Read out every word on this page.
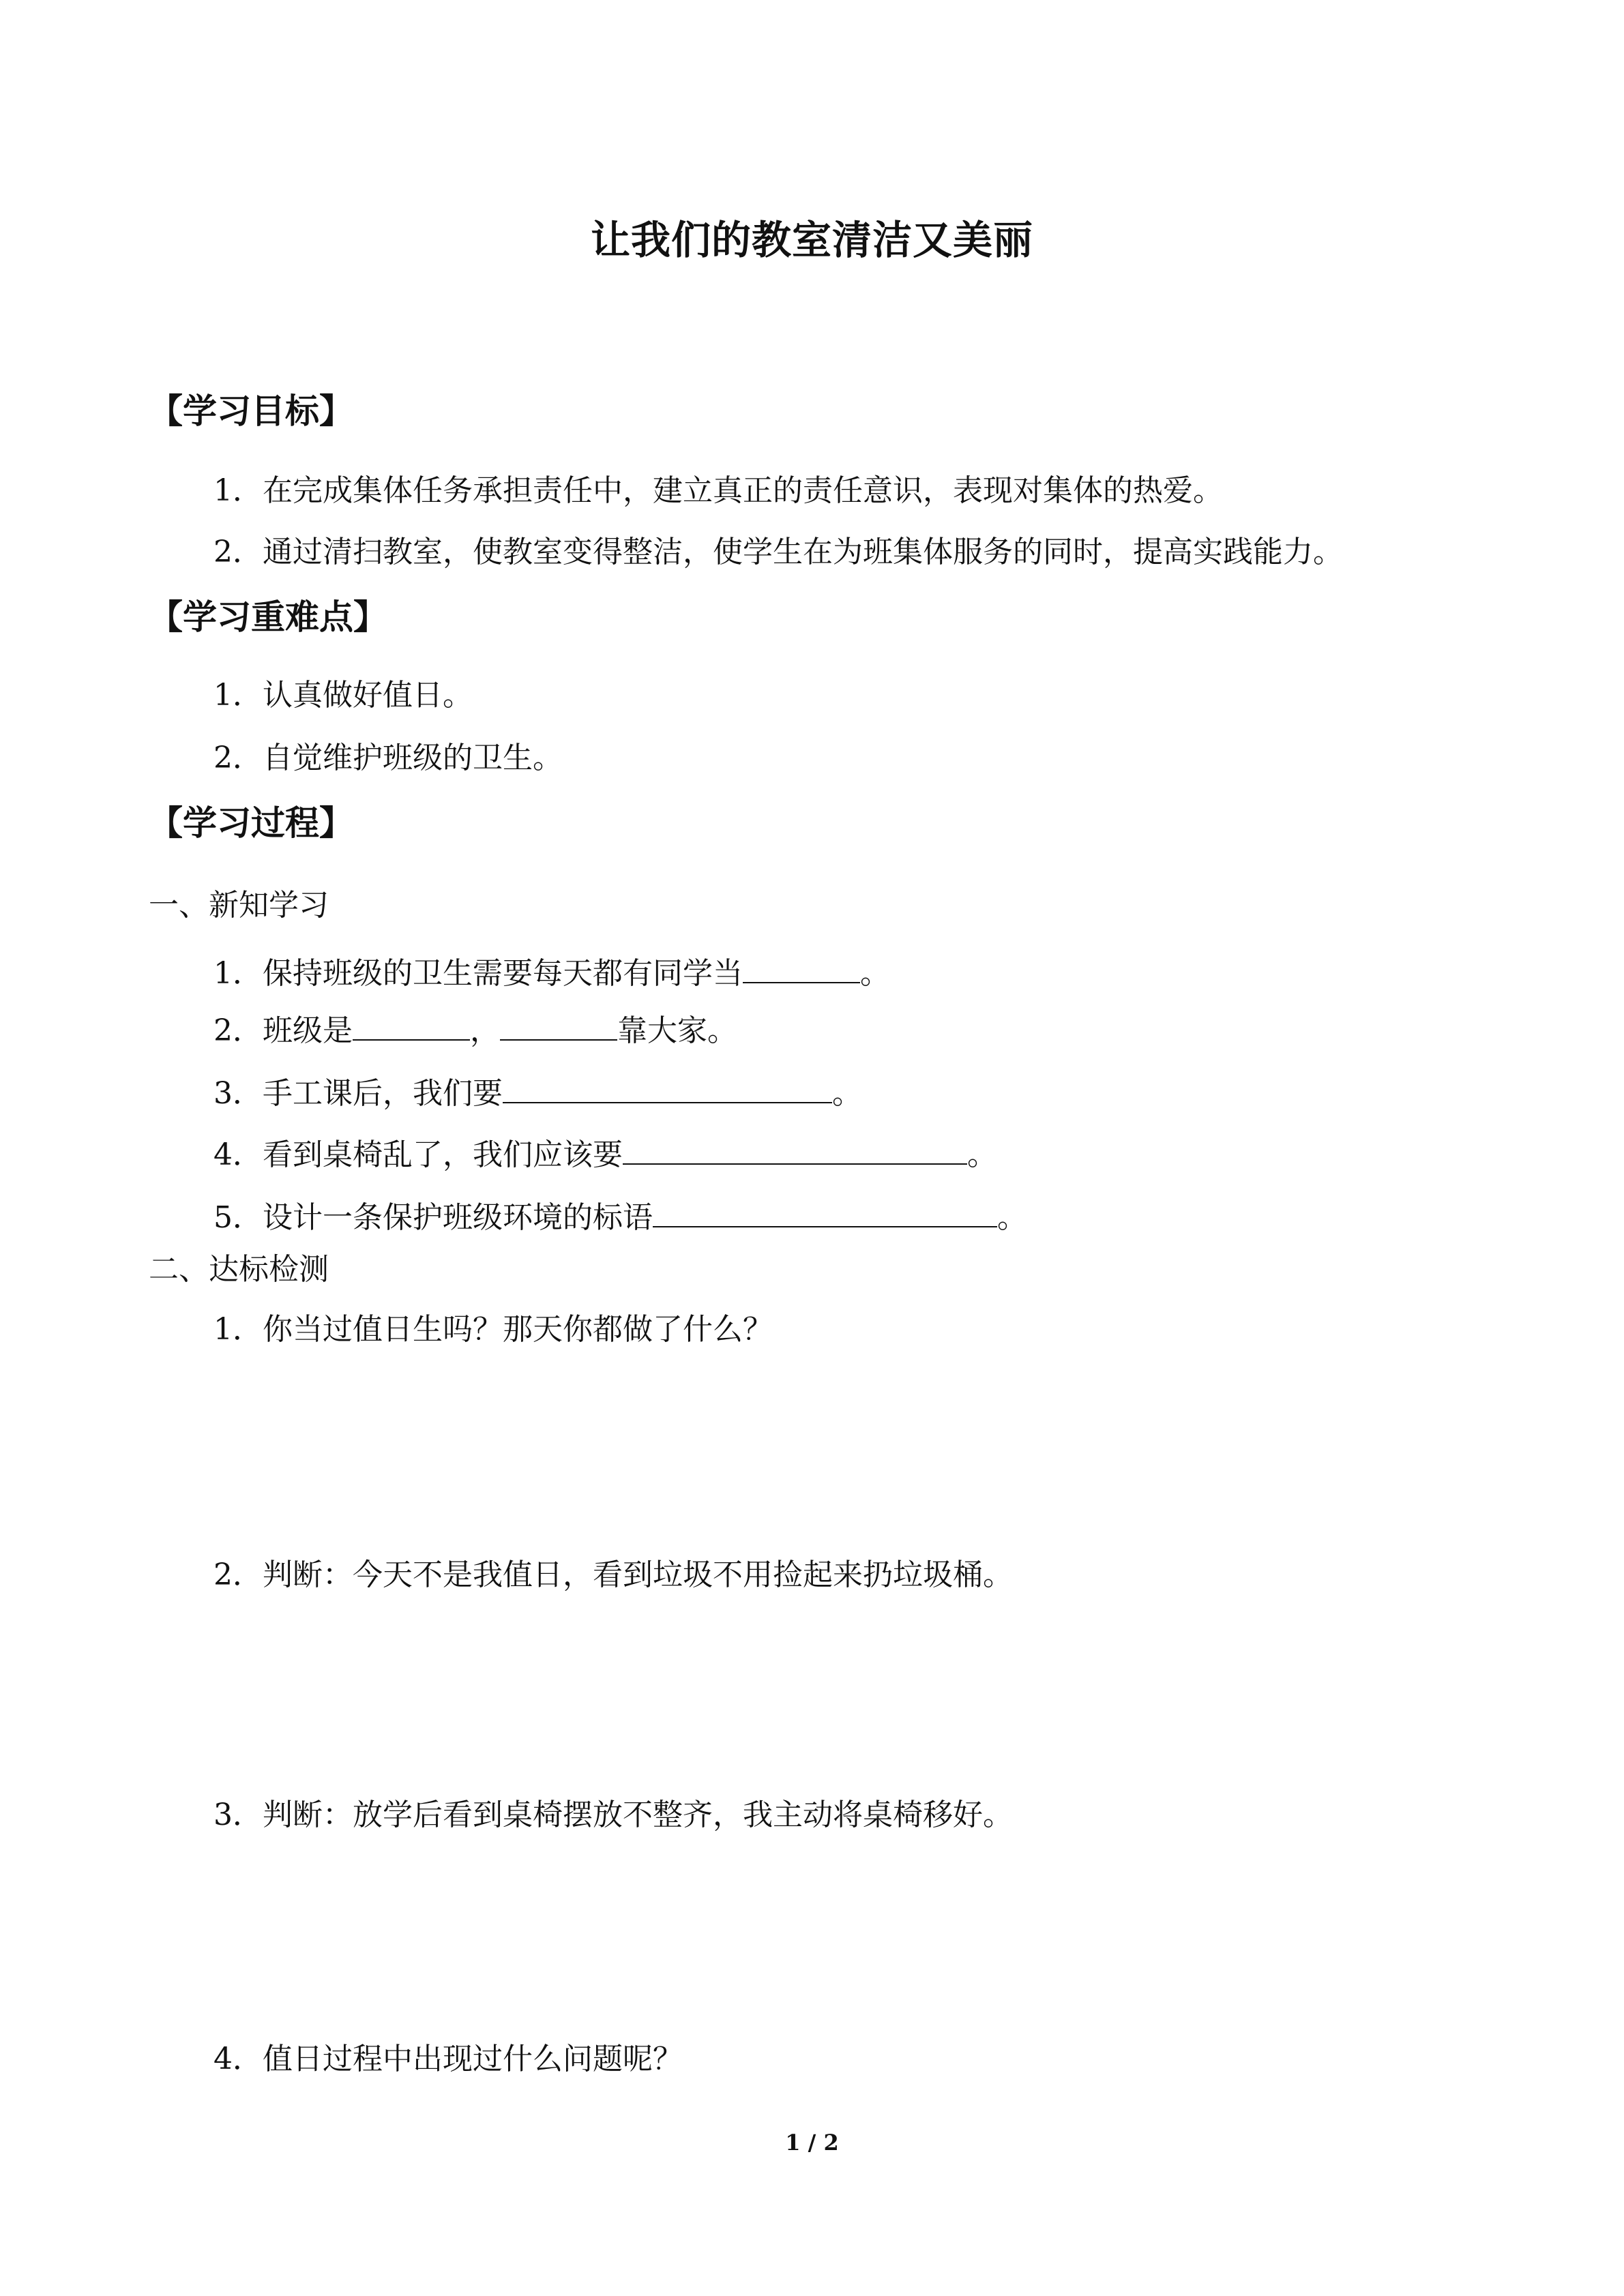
让我们的教室清洁又美丽
【学习目标】
1．在完成集体任务承担责任中，建立真正的责任意识，表现对集体的热爱。
2．通过清扫教室，使教室变得整洁，使学生在为班集体服务的同时，提高实践能力。
【学习重难点】
1．认真做好值日。
2．自觉维护班级的卫生。
【学习过程】
一、新知学习
1．保持班级的卫生需要每天都有同学当	。
2．班级是	，	靠大家。
3．手工课后，我们要	。
4．看到桌椅乱了，我们应该要	。
5．设计一条保护班级环境的标语	。
二、达标检测
1．你当过值日生吗？那天你都做了什么？
2．判断：今天不是我值日，看到垃圾不用捡起来扔垃圾桶。
3．判断：放学后看到桌椅摆放不整齐，我主动将桌椅移好。
4．值日过程中出现过什么问题呢？
1 / 2
